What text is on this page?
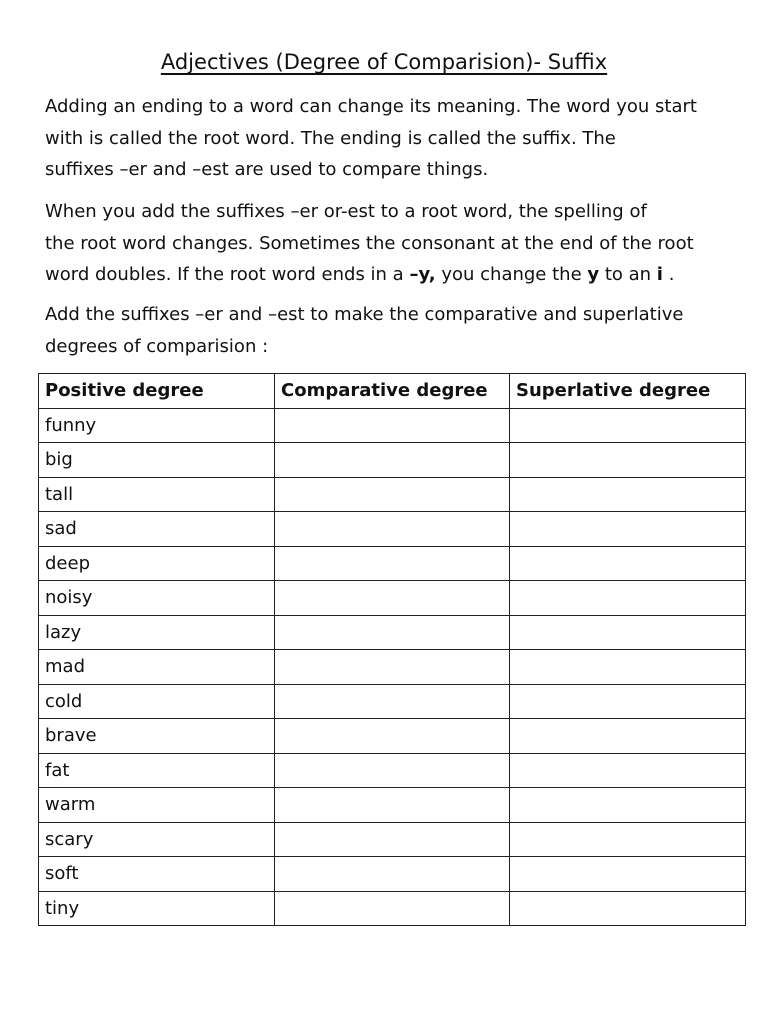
Adjectives (Degree of Comparision)- Suffix

Adding an ending to a word can change its meaning. The word you start
with is called the root word. The ending is called the suffix. The
suffixes –er and –est are used to compare things.

When you add the suffixes –er or-est to a root word, the spelling of
the root word changes. Sometimes the consonant at the end of the root
word doubles. If the root word ends in a –y, you change the y to an i .

Add the suffixes –er and –est to make the comparative and superlative
degrees of comparision :

Positive degree	Comparative degree	Superlative degree
funny		
big		
tall		
sad		
deep		
noisy		
lazy		
mad		
cold		
brave		
fat		
warm		
scary		
soft		
tiny		
